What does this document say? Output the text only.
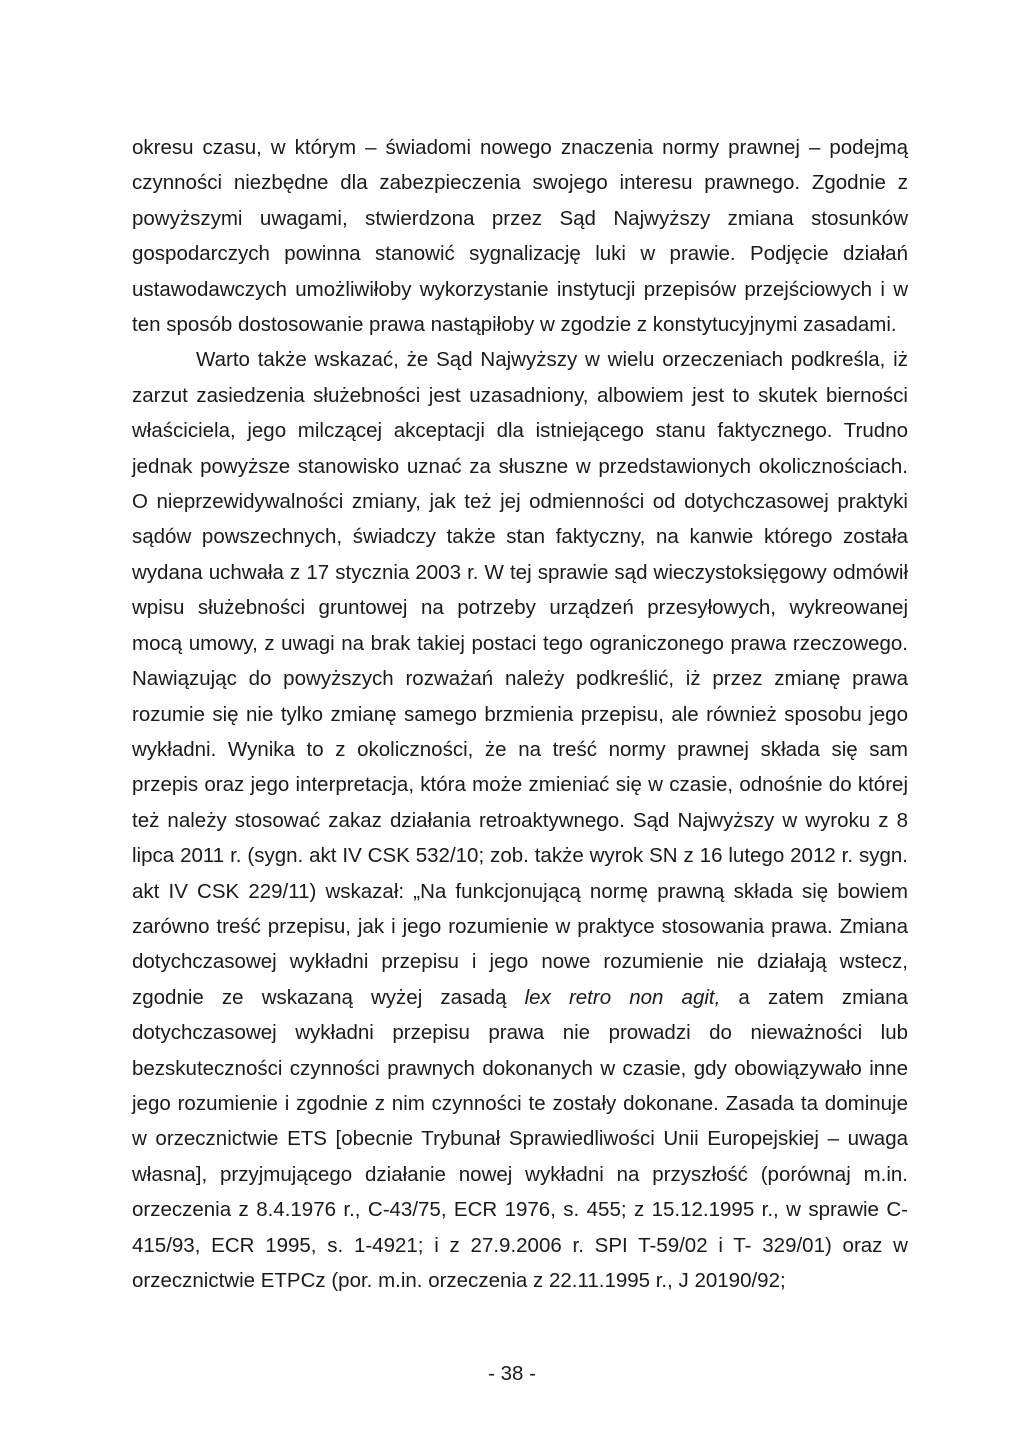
okresu czasu, w którym – świadomi nowego znaczenia normy prawnej – podejmą czynności niezbędne dla zabezpieczenia swojego interesu prawnego. Zgodnie z powyższymi uwagami, stwierdzona przez Sąd Najwyższy zmiana stosunków gospodarczych powinna stanowić sygnalizację luki w prawie. Podjęcie działań ustawodawczych umożliwiłoby wykorzystanie instytucji przepisów przejściowych i w ten sposób dostosowanie prawa nastąpiłoby w zgodzie z konstytucyjnymi zasadami.

Warto także wskazać, że Sąd Najwyższy w wielu orzeczeniach podkreśla, iż zarzut zasiedzenia służebności jest uzasadniony, albowiem jest to skutek bierności właściciela, jego milczącej akceptacji dla istniejącego stanu faktycznego. Trudno jednak powyższe stanowisko uznać za słuszne w przedstawionych okolicznościach. O nieprzewidywalności zmiany, jak też jej odmienności od dotychczasowej praktyki sądów powszechnych, świadczy także stan faktyczny, na kanwie którego została wydana uchwała z 17 stycznia 2003 r. W tej sprawie sąd wieczystoksięgowy odmówił wpisu służebności gruntowej na potrzeby urządzeń przesyłowych, wykreowanej mocą umowy, z uwagi na brak takiej postaci tego ograniczonego prawa rzeczowego. Nawiązując do powyższych rozważań należy podkreślić, iż przez zmianę prawa rozumie się nie tylko zmianę samego brzmienia przepisu, ale również sposobu jego wykładni. Wynika to z okoliczności, że na treść normy prawnej składa się sam przepis oraz jego interpretacja, która może zmieniać się w czasie, odnośnie do której też należy stosować zakaz działania retroaktywnego. Sąd Najwyższy w wyroku z 8 lipca 2011 r. (sygn. akt IV CSK 532/10; zob. także wyrok SN z 16 lutego 2012 r. sygn. akt IV CSK 229/11) wskazał: „Na funkcjonującą normę prawną składa się bowiem zarówno treść przepisu, jak i jego rozumienie w praktyce stosowania prawa. Zmiana dotychczasowej wykładni przepisu i jego nowe rozumienie nie działają wstecz, zgodnie ze wskazaną wyżej zasadą lex retro non agit, a zatem zmiana dotychczasowej wykładni przepisu prawa nie prowadzi do nieważności lub bezskuteczności czynności prawnych dokonanych w czasie, gdy obowiązywało inne jego rozumienie i zgodnie z nim czynności te zostały dokonane. Zasada ta dominuje w orzecznictwie ETS [obecnie Trybunał Sprawiedliwości Unii Europejskiej – uwaga własna], przyjmującego działanie nowej wykładni na przyszłość (porównaj m.in. orzeczenia z 8.4.1976 r., C-43/75, ECR 1976, s. 455; z 15.12.1995 r., w sprawie C-415/93, ECR 1995, s. 1-4921; i z 27.9.2006 r. SPI T-59/02 i T- 329/01) oraz w orzecznictwie ETPCz (por. m.in. orzeczenia z 22.11.1995 r., J 20190/92;

- 38 -
